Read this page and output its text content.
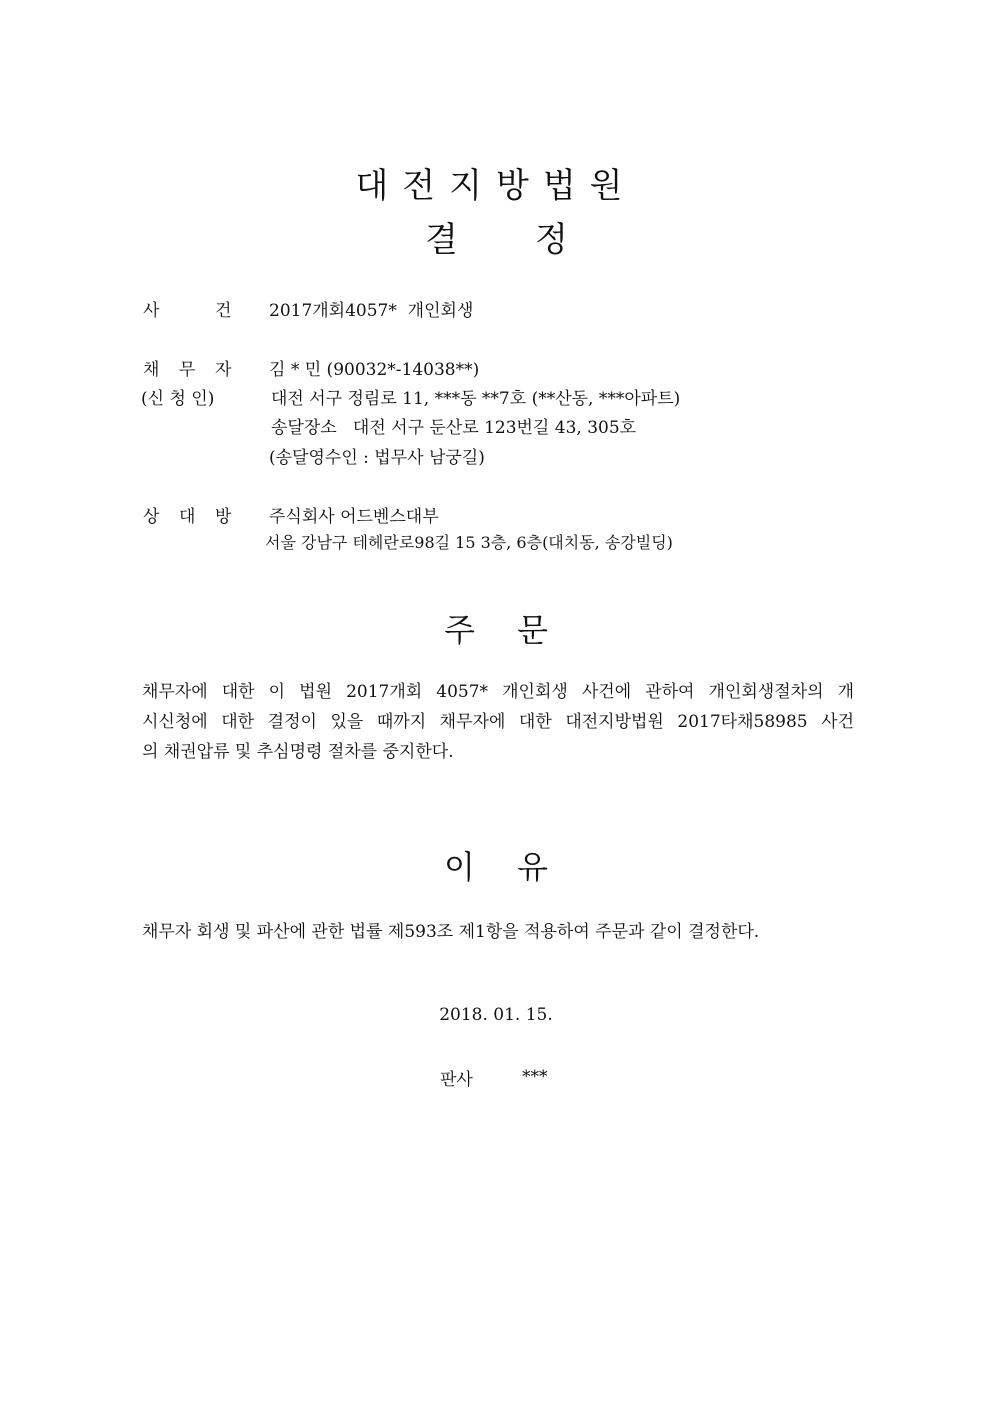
대전지방법원
결 정
사	건 2017개회4057*  개인회생
채 무 자 김 * 민 (90032*-14038**)
(신 청 인)	대전 서구 정림로 11, ***동 **7호 (**산동, ***아파트)
송달장소   대전 서구 둔산로 123번길 43, 305호
(송달영수인 : 법무사 남궁길)
상 대 방 주식회사 어드벤스대부
서울 강남구 테헤란로98길 15 3층, 6층(대치동, 송강빌딩)
주 문
채무자에 대한 이 법원 2017개회 4057* 개인회생 사건에 관하여 개인회생절차의 개
시신청에 대한 결정이 있을 때까지 채무자에 대한 대전지방법원 2017타채58985 사건
의 채권압류 및 추심명령 절차를 중지한다.
이 유
채무자 회생 및 파산에 관한 법률 제593조 제1항을 적용하여 주문과 같이 결정한다.
2018. 01. 15.
판사	***
